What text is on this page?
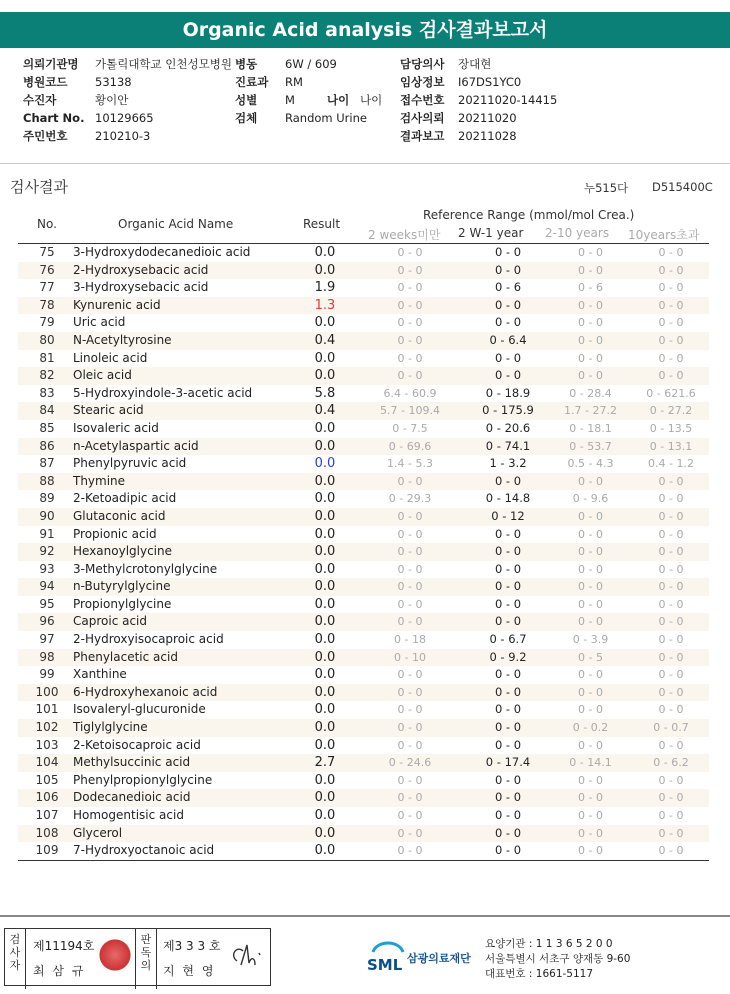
Organic Acid analysis 검사결과보고서
의뢰기관명 가톨릭대학교 인천성모병원
병원코드 53138
수진자	황이안
Chart No. 10129665
주민번호 210210-3
병동 6W / 609
진료과 RM
성별 M	나이 나이
검체 Random Urine
담당의사 장대현
임상정보 I67DS1YC0
접수번호 20211020-14415
검사의뢰 20211020
결과보고 20211028
검사결과	누515다 D515400C
No.	Organic Acid Name	Result
Reference Range (mmol/mol Crea.)
2 weeks미만 2 W-1 year 2-10 years 10years초과
75	3-Hydroxydodecanedioic acid	0.0	0 - 0	0 - 0	0 - 0	0 - 0
76	2-Hydroxysebacic acid	0.0	0 - 0	0 - 0	0 - 0	0 - 0
77	3-Hydroxysebacic acid	1.9	0 - 0	0 - 6	0 - 6	0 - 0
78	Kynurenic acid	1.3	0 - 0	0 - 0	0 - 0	0 - 0
79	Uric acid	0.0	0 - 0	0 - 0	0 - 0	0 - 0
80	N-Acetyltyrosine	0.4	0 - 0	0 - 6.4	0 - 0	0 - 0
81	Linoleic acid	0.0	0 - 0	0 - 0	0 - 0	0 - 0
82	Oleic acid	0.0	0 - 0	0 - 0	0 - 0	0 - 0
83	5-Hydroxyindole-3-acetic acid	5.8	6.4 - 60.9	0 - 18.9	0 - 28.4	0 - 621.6
84	Stearic acid	0.4	5.7 - 109.4	0 - 175.9	1.7 - 27.2	0 - 27.2
85	Isovaleric acid	0.0	0 - 7.5	0 - 20.6	0 - 18.1	0 - 13.5
86	n-Acetylaspartic acid	0.0	0 - 69.6	0 - 74.1	0 - 53.7	0 - 13.1
87	Phenylpyruvic acid	0.0	1.4 - 5.3	1 - 3.2	0.5 - 4.3	0.4 - 1.2
88	Thymine	0.0	0 - 0	0 - 0	0 - 0	0 - 0
89	2-Ketoadipic acid	0.0	0 - 29.3	0 - 14.8	0 - 9.6	0 - 0
90	Glutaconic acid	0.0	0 - 0	0 - 12	0 - 0	0 - 0
91	Propionic acid	0.0	0 - 0	0 - 0	0 - 0	0 - 0
92	Hexanoylglycine	0.0	0 - 0	0 - 0	0 - 0	0 - 0
93	3-Methylcrotonylglycine	0.0	0 - 0	0 - 0	0 - 0	0 - 0
94	n-Butyrylglycine	0.0	0 - 0	0 - 0	0 - 0	0 - 0
95	Propionylglycine	0.0	0 - 0	0 - 0	0 - 0	0 - 0
96	Caproic acid	0.0	0 - 0	0 - 0	0 - 0	0 - 0
97	2-Hydroxyisocaproic acid	0.0	0 - 18	0 - 6.7	0 - 3.9	0 - 0
98	Phenylacetic acid	0.0	0 - 10	0 - 9.2	0 - 5	0 - 0
99	Xanthine	0.0	0 - 0	0 - 0	0 - 0	0 - 0
100	6-Hydroxyhexanoic acid	0.0	0 - 0	0 - 0	0 - 0	0 - 0
101	Isovaleryl-glucuronide	0.0	0 - 0	0 - 0	0 - 0	0 - 0
102	Tiglylglycine	0.0	0 - 0	0 - 0	0 - 0.2	0 - 0.7
103	2-Ketoisocaproic acid	0.0	0 - 0	0 - 0	0 - 0	0 - 0
104	Methylsuccinic acid	2.7	0 - 24.6	0 - 17.4	0 - 14.1	0 - 6.2
105	Phenylpropionylglycine	0.0	0 - 0	0 - 0	0 - 0	0 - 0
106	Dodecanedioic acid	0.0	0 - 0	0 - 0	0 - 0	0 - 0
107	Homogentisic acid	0.0	0 - 0	0 - 0	0 - 0	0 - 0
108	Glycerol	0.0	0 - 0	0 - 0	0 - 0	0 - 0
109	7-Hydroxyoctanoic acid	0.0	0 - 0	0 - 0	0 - 0	0 - 0
검사자
제11194호
최 삼 규
판독의
제3 3 3 호
지 현 영	SML 삼광의료재단
요양기관 : 1 1 3 6 5 2 0 0
서울특별시 서초구 양재동 9-60
대표번호 : 1661-5117
